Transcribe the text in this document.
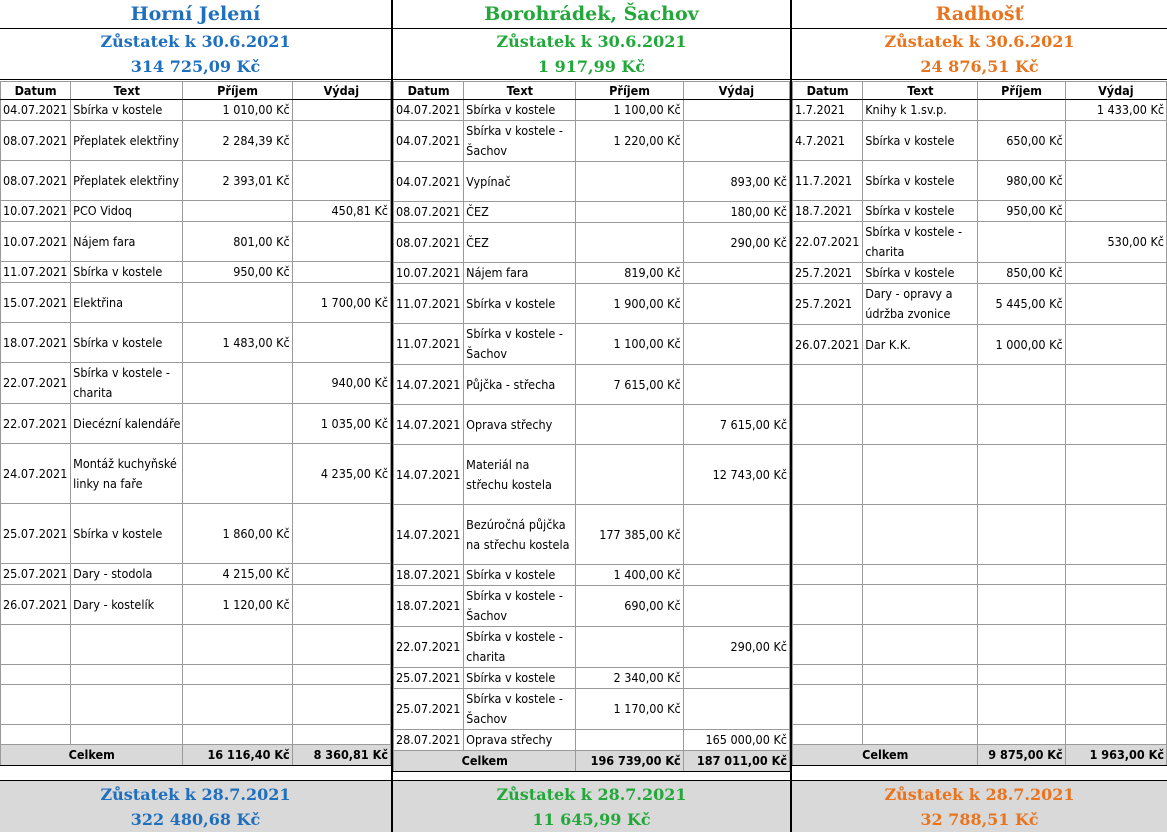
Horní Jelení
Zůstatek k 30.6.2021
314 725,09 Kč
Datum	Text	Příjem	Výdaj
04.07.2021	Sbírka v kostele	1 010,00 Kč	
08.07.2021	Přeplatek elektřiny	2 284,39 Kč	
08.07.2021	Přeplatek elektřiny	2 393,01 Kč	
10.07.2021	PCO Vidoq		450,81 Kč
10.07.2021	Nájem fara	801,00 Kč	
11.07.2021	Sbírka v kostele	950,00 Kč	
15.07.2021	Elektřina		1 700,00 Kč
18.07.2021	Sbírka v kostele	1 483,00 Kč	
22.07.2021	Sbírka v kostele - charita		940,00 Kč
22.07.2021	Diecézní kalendáře		1 035,00 Kč
24.07.2021	Montáž kuchyňské linky na faře		4 235,00 Kč
25.07.2021	Sbírka v kostele	1 860,00 Kč	
25.07.2021	Dary - stodola	4 215,00 Kč	
26.07.2021	Dary - kostelík	1 120,00 Kč	

Celkem		16 116,40 Kč	8 360,81 Kč
Zůstatek k 28.7.2021
322 480,68 Kč
Borohrádek, Šachov
Zůstatek k 30.6.2021
1 917,99 Kč
Datum	Text	Příjem	Výdaj
04.07.2021	Sbírka v kostele	1 100,00 Kč	
04.07.2021	Sbírka v kostele - Šachov	1 220,00 Kč	
04.07.2021	Vypínač		893,00 Kč
08.07.2021	ČEZ		180,00 Kč
08.07.2021	ČEZ		290,00 Kč
10.07.2021	Nájem fara	819,00 Kč	
11.07.2021	Sbírka v kostele	1 900,00 Kč	
11.07.2021	Sbírka v kostele - Šachov	1 100,00 Kč	
14.07.2021	Půjčka - střecha	7 615,00 Kč	
14.07.2021	Oprava střechy		7 615,00 Kč
14.07.2021	Materiál na střechu kostela		12 743,00 Kč
14.07.2021	Bezúročná půjčka na střechu kostela	177 385,00 Kč	
18.07.2021	Sbírka v kostele	1 400,00 Kč	
18.07.2021	Sbírka v kostele - Šachov	690,00 Kč	
22.07.2021	Sbírka v kostele - charita		290,00 Kč
25.07.2021	Sbírka v kostele	2 340,00 Kč	
25.07.2021	Sbírka v kostele - Šachov	1 170,00 Kč	
28.07.2021	Oprava střechy		165 000,00 Kč
Celkem		196 739,00 Kč	187 011,00 Kč
Zůstatek k 28.7.2021
11 645,99 Kč
Radhošť
Zůstatek k 30.6.2021
24 876,51 Kč
Datum	Text	Příjem	Výdaj
1.7.2021	Knihy k 1.sv.p.		1 433,00 Kč
4.7.2021	Sbírka v kostele	650,00 Kč	
11.7.2021	Sbírka v kostele	980,00 Kč	
18.7.2021	Sbírka v kostele	950,00 Kč	
22.07.2021	Sbírka v kostele - charita		530,00 Kč
25.7.2021	Sbírka v kostele	850,00 Kč	
25.7.2021	Dary - opravy a údržba zvonice	5 445,00 Kč	
26.07.2021	Dar K.K.	1 000,00 Kč	

Celkem		9 875,00 Kč	1 963,00 Kč
Zůstatek k 28.7.2021
32 788,51 Kč
